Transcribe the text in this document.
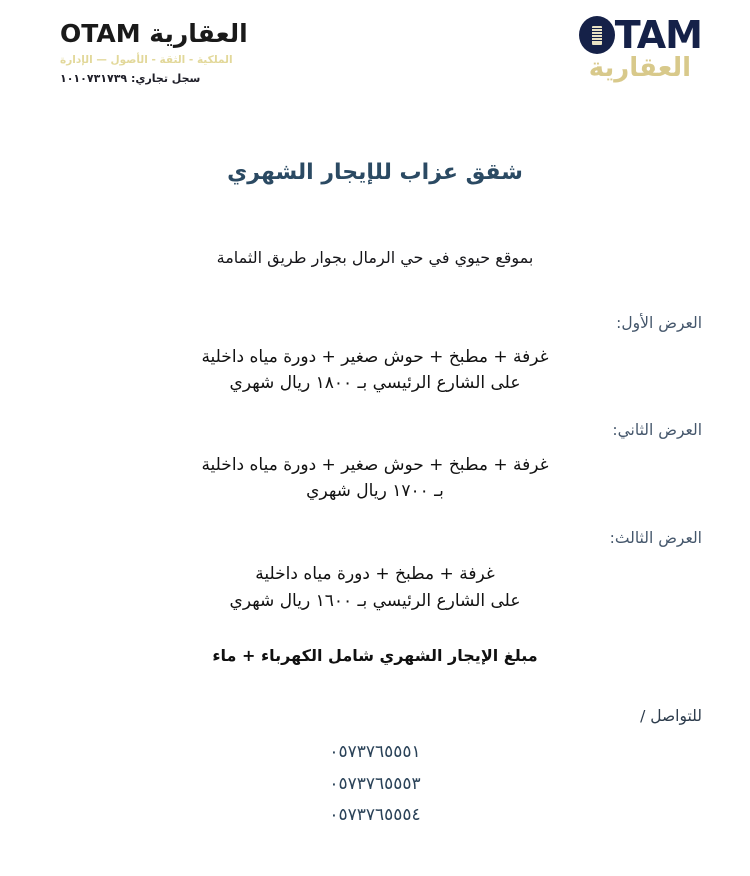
العقارية OTAM
الملكية - الثقة - الأصول — الإدارة
سجل تجاري: ١٠١٠٧٣١٧٣٩
TAM
العقارية
شقق عزاب للإيجار الشهري
بموقع حيوي في حي الرمال بجوار طريق الثمامة
العرض الأول:
غرفة + مطبخ + حوش صغير + دورة مياه داخلية
على الشارع الرئيسي بـ ١٨٠٠ ريال شهري
العرض الثاني:
غرفة + مطبخ + حوش صغير + دورة مياه داخلية
بـ ١٧٠٠ ريال شهري
العرض الثالث:
غرفة + مطبخ + دورة مياه داخلية
على الشارع الرئيسي بـ ١٦٠٠ ريال شهري
مبلغ الإيجار الشهري شامل الكهرباء + ماء
للتواصل /
٠٥٧٣٧٦٥٥٥١
٠٥٧٣٧٦٥٥٥٣
٠٥٧٣٧٦٥٥٥٤
